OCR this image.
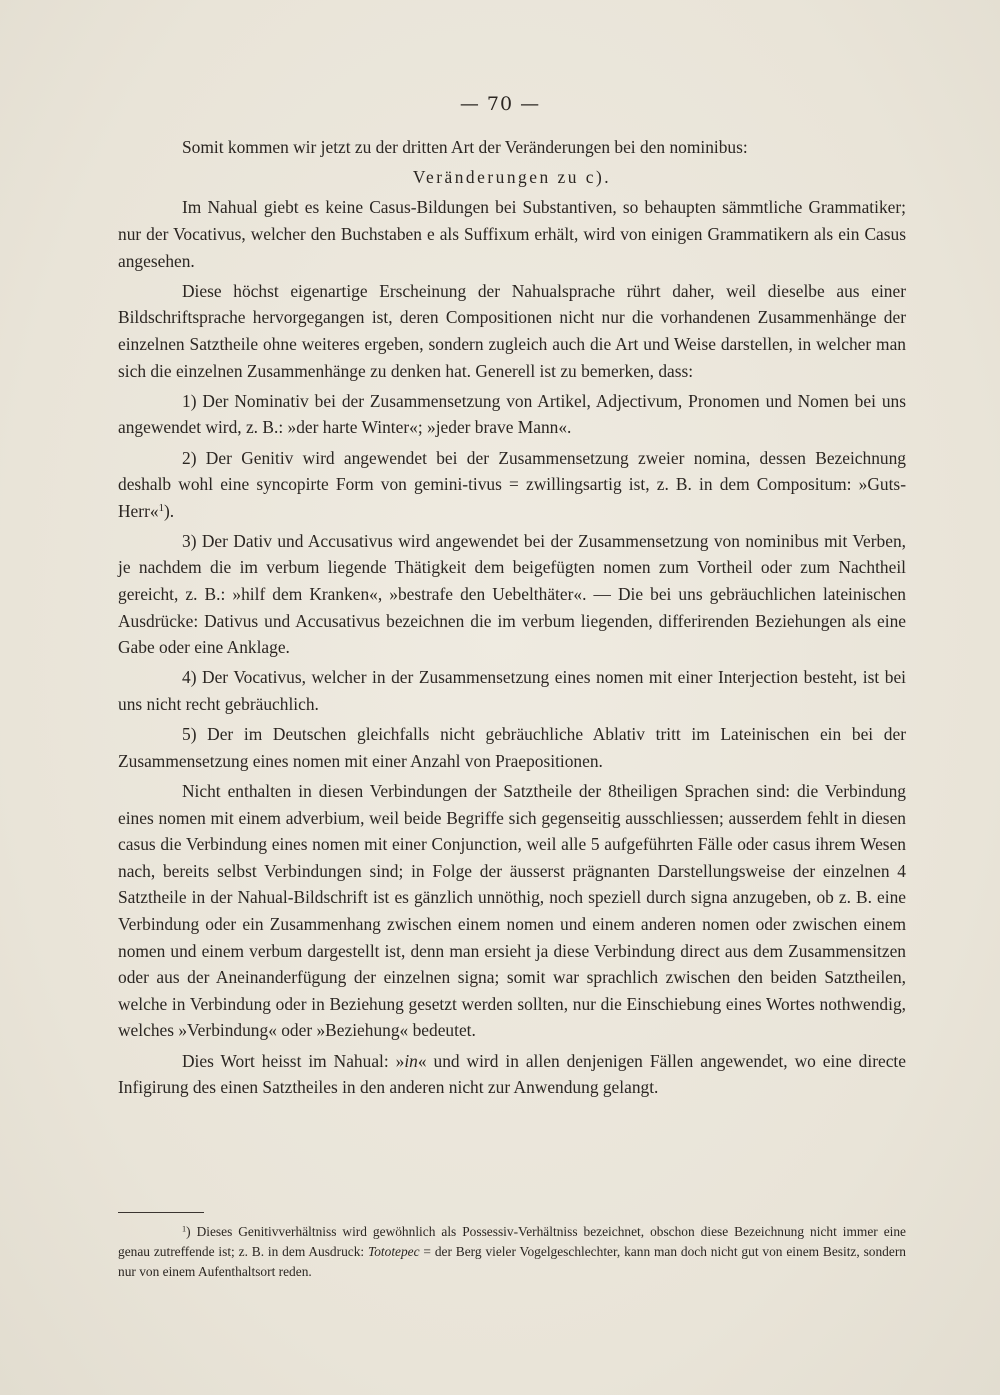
— 70 —

Somit kommen wir jetzt zu der dritten Art der Veränderungen bei den nominibus:

Veränderungen zu c).

Im Nahual giebt es keine Casus-Bildungen bei Substantiven, so behaupten sämmtliche Grammatiker; nur der Vocativus, welcher den Buchstaben e als Suffixum erhält, wird von einigen Grammatikern als ein Casus angesehen.

Diese höchst eigenartige Erscheinung der Nahualsprache rührt daher, weil dieselbe aus einer Bildschriftsprache hervorgegangen ist, deren Compositionen nicht nur die vorhandenen Zusammenhänge der einzelnen Satztheile ohne weiteres ergeben, sondern zugleich auch die Art und Weise darstellen, in welcher man sich die einzelnen Zusammenhänge zu denken hat. Generell ist zu bemerken, dass:

1) Der Nominativ bei der Zusammensetzung von Artikel, Adjectivum, Pronomen und Nomen bei uns angewendet wird, z. B.: »der harte Winter«; »jeder brave Mann«.

2) Der Genitiv wird angewendet bei der Zusammensetzung zweier nomina, dessen Bezeichnung deshalb wohl eine syncopirte Form von gemini-tivus = zwillingsartig ist, z. B. in dem Compositum: »Guts-Herr«$^1$).

3) Der Dativ und Accusativus wird angewendet bei der Zusammensetzung von nominibus mit Verben, je nachdem die im verbum liegende Thätigkeit dem beigefügten nomen zum Vortheil oder zum Nachtheil gereicht, z. B.: »hilf dem Kranken«, »bestrafe den Uebelthäter«. — Die bei uns gebräuchlichen lateinischen Ausdrücke: Dativus und Accusativus bezeichnen die im verbum liegenden, differirenden Beziehungen als eine Gabe oder eine Anklage.

4) Der Vocativus, welcher in der Zusammensetzung eines nomen mit einer Interjection besteht, ist bei uns nicht recht gebräuchlich.

5) Der im Deutschen gleichfalls nicht gebräuchliche Ablativ tritt im Lateinischen ein bei der Zusammensetzung eines nomen mit einer Anzahl von Praepositionen.

Nicht enthalten in diesen Verbindungen der Satztheile der 8theiligen Sprachen sind: die Verbindung eines nomen mit einem adverbium, weil beide Begriffe sich gegenseitig ausschliessen; ausserdem fehlt in diesen casus die Verbindung eines nomen mit einer Conjunction, weil alle 5 aufgeführten Fälle oder casus ihrem Wesen nach, bereits selbst Verbindungen sind; in Folge der äusserst prägnanten Darstellungsweise der einzelnen 4 Satztheile in der Nahual-Bildschrift ist es gänzlich unnöthig, noch speziell durch signa anzugeben, ob z. B. eine Verbindung oder ein Zusammenhang zwischen einem nomen und einem anderen nomen oder zwischen einem nomen und einem verbum dargestellt ist, denn man ersieht ja diese Verbindung direct aus dem Zusammensitzen oder aus der Aneinanderfügung der einzelnen signa; somit war sprachlich zwischen den beiden Satztheilen, welche in Verbindung oder in Beziehung gesetzt werden sollten, nur die Einschiebung eines Wortes nothwendig, welches »Verbindung« oder »Beziehung« bedeutet.

Dies Wort heisst im Nahual: »in« und wird in allen denjenigen Fällen angewendet, wo eine directe Infigirung des einen Satztheiles in den anderen nicht zur Anwendung gelangt.

$^1$) Dieses Genitivverhältniss wird gewöhnlich als Possessiv-Verhältniss bezeichnet, obschon diese Bezeichnung nicht immer eine genau zutreffende ist; z. B. in dem Ausdruck: Tototepec = der Berg vieler Vogelgeschlechter, kann man doch nicht gut von einem Besitz, sondern nur von einem Aufenthaltsort reden.
